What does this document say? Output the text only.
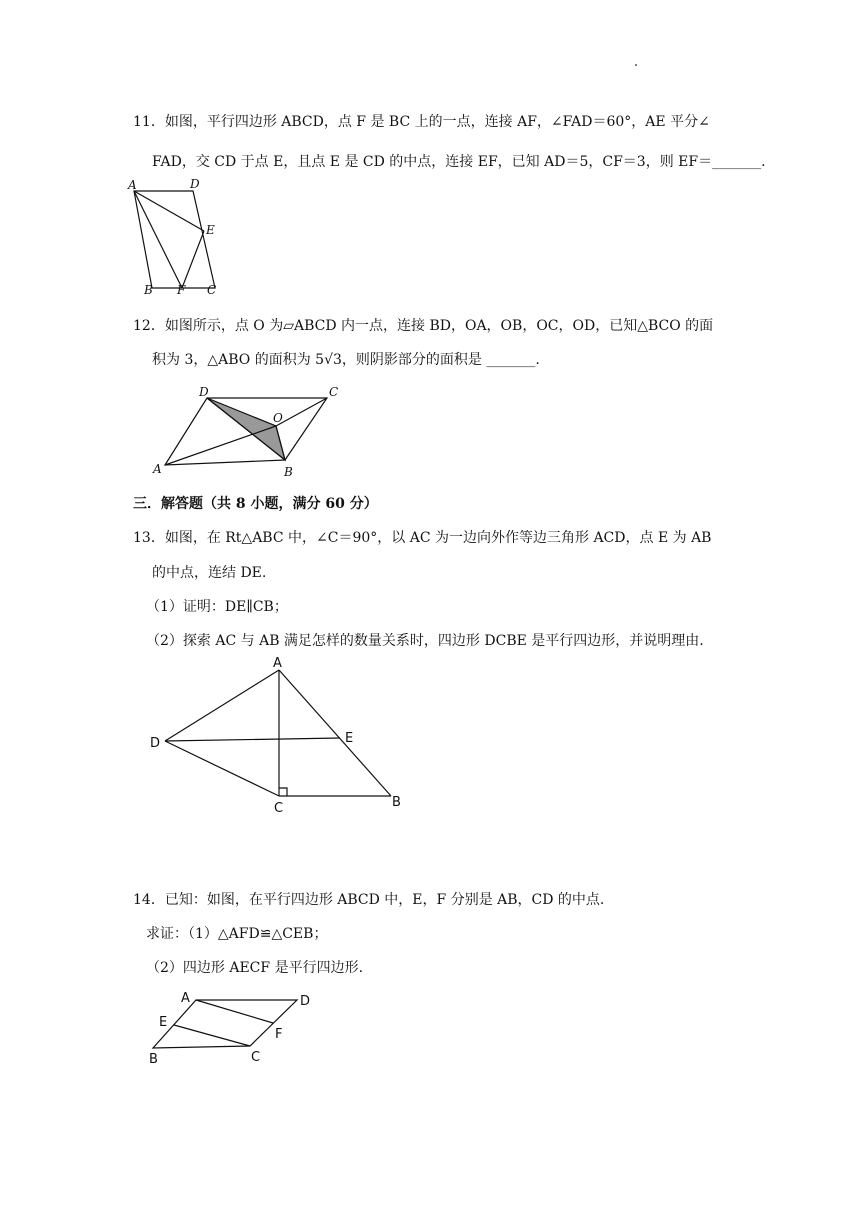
11．如图，平行四边形 ABCD，点 F 是 BC 上的一点，连接 AF，∠FAD＝60°，AE 平分∠
FAD，交 CD 于点 E，且点 E 是 CD 的中点，连接 EF，已知 AD＝5，CF＝3，则 EF＝_______.
A	D
E
B F C
12．如图所示，点 O 为▱ABCD 内一点，连接 BD，OA，OB，OC，OD，已知△BCO 的面
积为 3，△ABO 的面积为 5√3，则阴影部分的面积是 _______.
D	C
O
A	B
三．解答题（共 8 小题，满分 60 分）
13．如图，在 Rt△ABC 中，∠C＝90°，以 AC 为一边向外作等边三角形 ACD，点 E 为 AB
的中点，连结 DE.
（1）证明：DE∥CB；
（2）探索 AC 与 AB 满足怎样的数量关系时，四边形 DCBE 是平行四边形，并说明理由.
A
D	E
C	B
14．已知：如图，在平行四边形 ABCD 中，E，F 分别是 AB，CD 的中点.
求证：（1）△AFD≌△CEB；
（2）四边形 AECF 是平行四边形.
A	D
E
F
B	C
